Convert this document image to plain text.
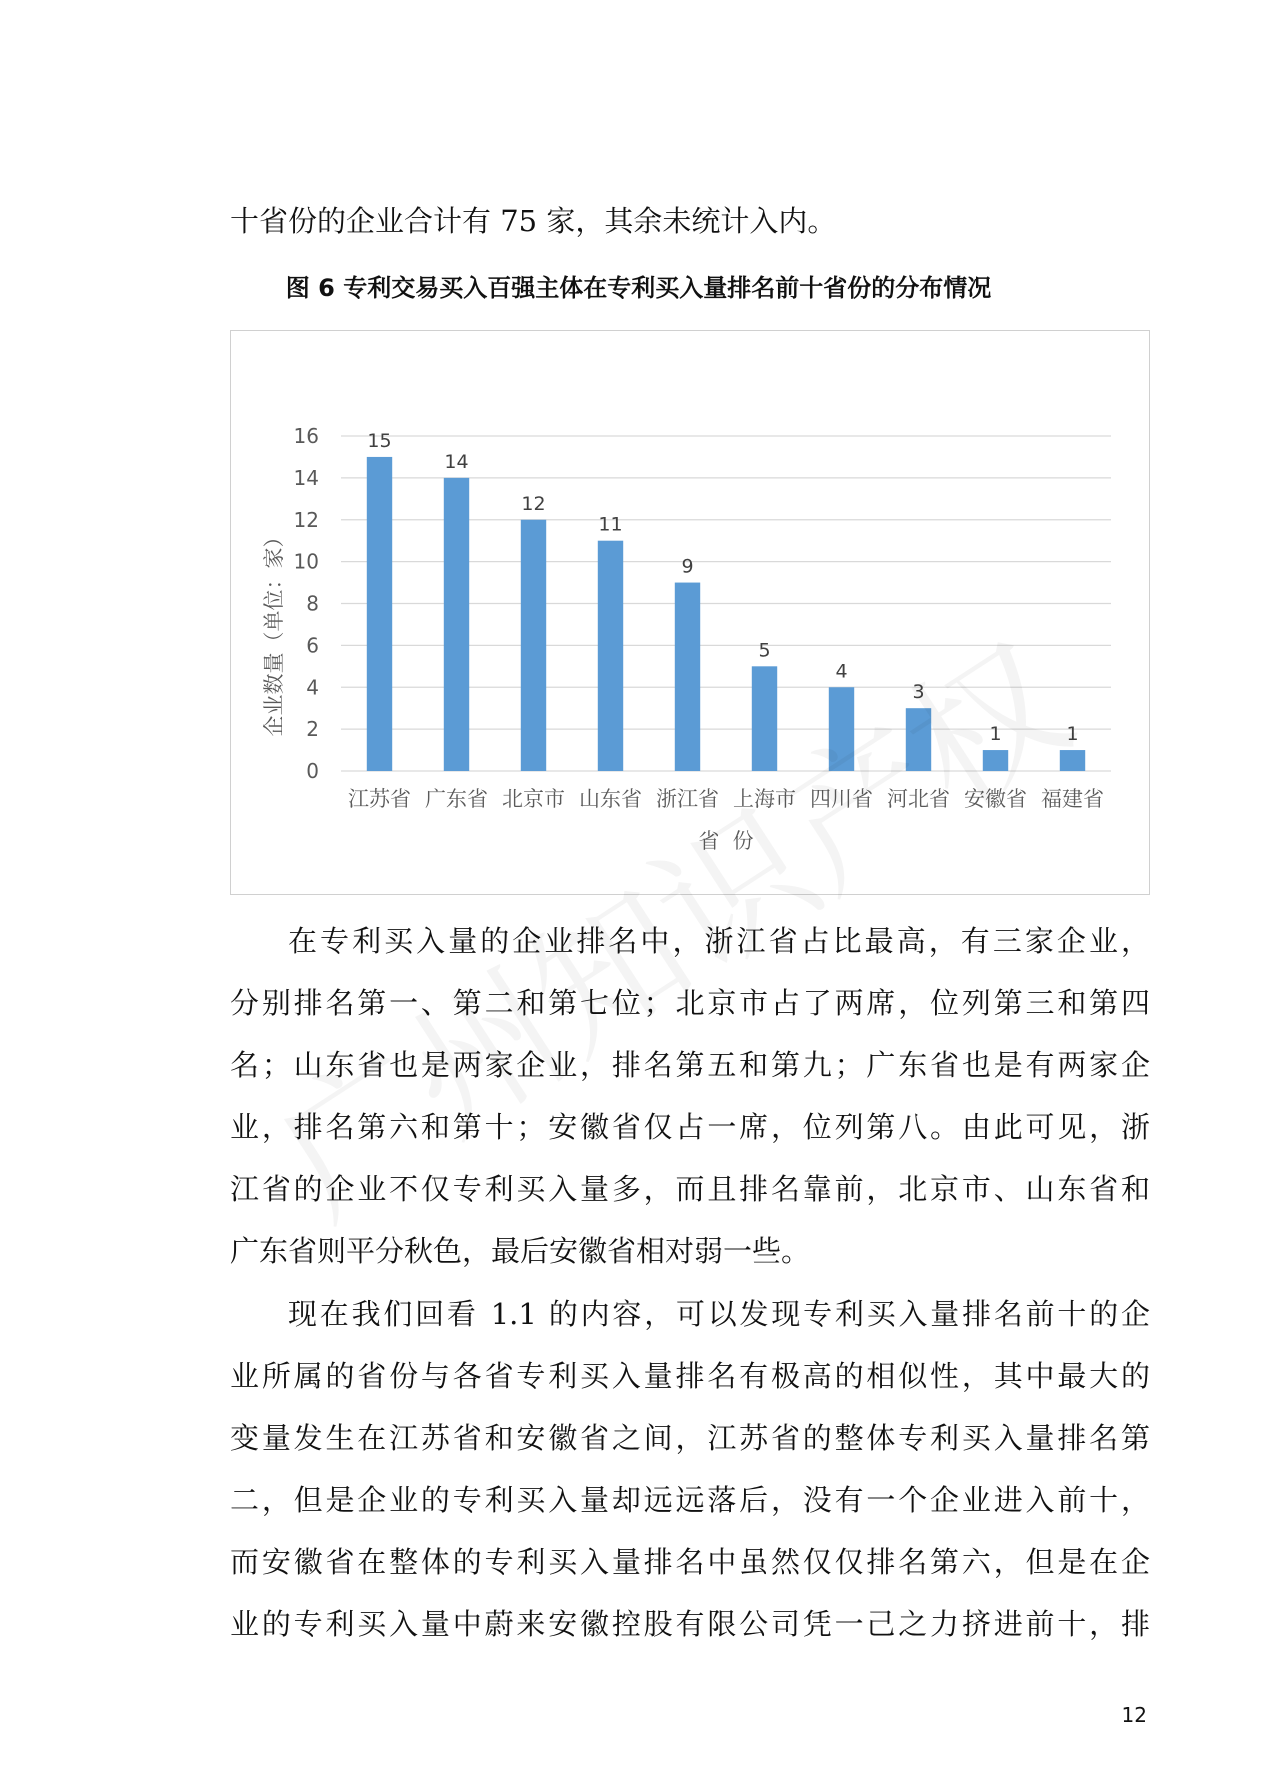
十省份的企业合计有 75 家，其余未统计入内。

图 6 专利交易买入百强主体在专利买入量排名前十省份的分布情况

0
2
4
6
8
10
12
14
16	15
江苏省
14
广东省
12
北京市
11
山东省
9
浙江省
5
上海市
4
四川省
3
河北省
1
安徽省
1
福建省
省  份
企业数量（单位：家）

在专利买入量的企业排名中，浙江省占比最高，有三家企业，

分别排名第一、第二和第七位；北京市占了两席，位列第三和第四

名；山东省也是两家企业，排名第五和第九；广东省也是有两家企

业，排名第六和第十；安徽省仅占一席，位列第八。由此可见，浙

江省的企业不仅专利买入量多，而且排名靠前，北京市、山东省和

广东省则平分秋色，最后安徽省相对弱一些。

现在我们回看 1.1 的内容，可以发现专利买入量排名前十的企

业所属的省份与各省专利买入量排名有极高的相似性，其中最大的

变量发生在江苏省和安徽省之间，江苏省的整体专利买入量排名第

二，但是企业的专利买入量却远远落后，没有一个企业进入前十，

而安徽省在整体的专利买入量排名中虽然仅仅排名第六，但是在企

业的专利买入量中蔚来安徽控股有限公司凭一己之力挤进前十，排

12
